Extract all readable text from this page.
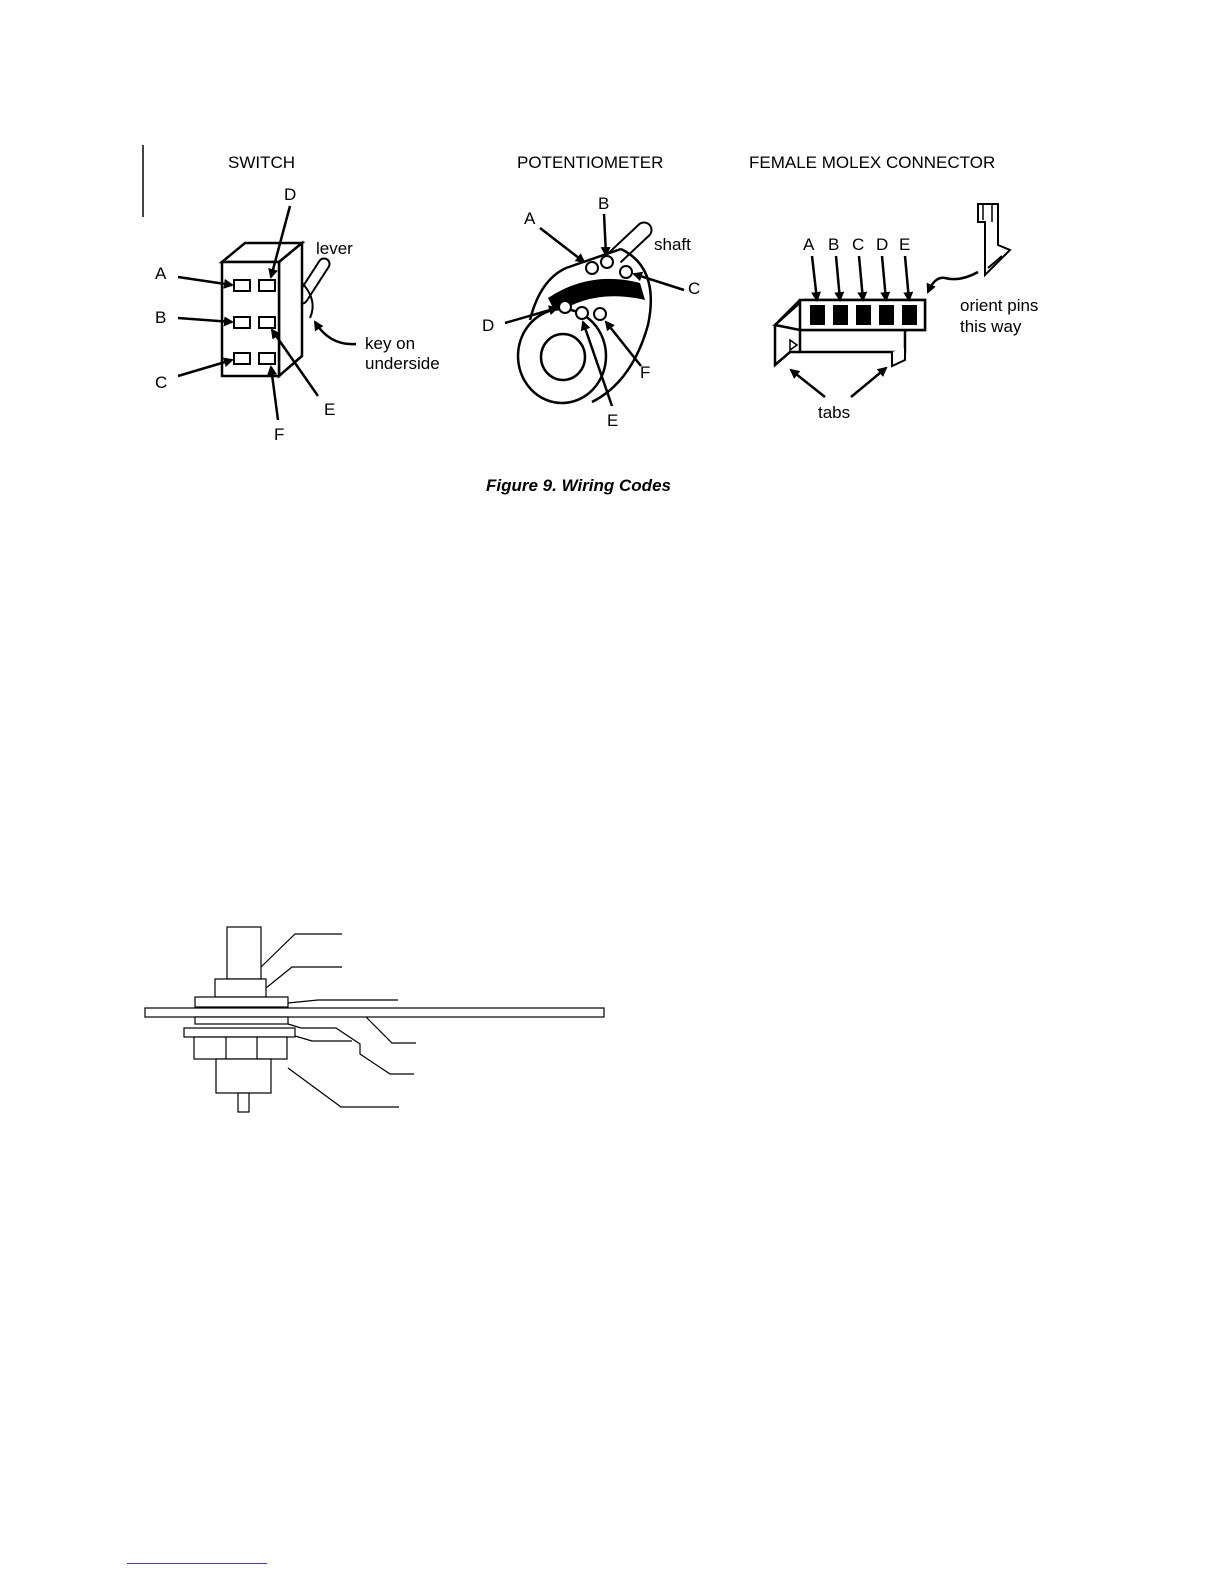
SWITCH
A
B
C
D
E
F
lever
key on
underside
POTENTIOMETER
A
B
C
D
E
F
shaft
FEMALE MOLEX CONNECTOR
A B C D E
orient pins
this way
tabs
Figure 9. Wiring Codes
